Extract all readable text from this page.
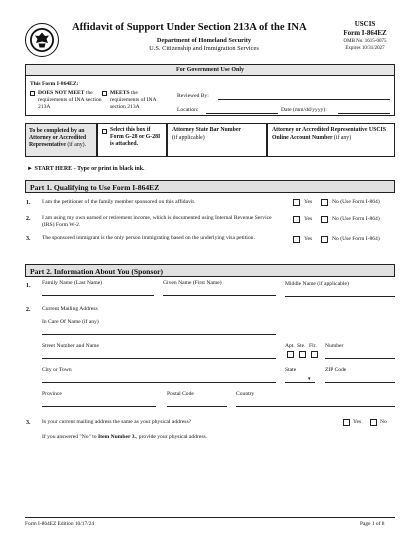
Affidavit of Support Under Section 213A of the INA
Department of Homeland Security
U.S. Citizenship and Immigration Services
USCIS
Form I-864EZ
OMB No. 1615-0075
Expires 10/31/2027
For Government Use Only
This Form I-864EZ:
DOES NOT MEET the requirements of INA section 213A
MEETS the requirements of INA section 213A
Reviewed By:
Location:	Date (mm/dd/yyyy):
To be completed by an Attorney or Accredited Representative (if any).
Select this box if Form G-28 or G-28I is attached.
Attorney State Bar Number
(if applicable)
Attorney or Accredited Representative USCIS Online Account Number (if any)
► START HERE - Type or print in black ink.
Part 1. Qualifying to Use Form I-864EZ
1. I am the petitioner of the family member sponsored on this affidavit.	Yes	No (Use Form I-864)
2. I am using my own earned or retirement income, which is documented using Internal Revenue Service (IRS) Form W-2.
Yes	No (Use Form I-864)
3. The sponsored immigrant is the only person immigrating based on the underlying visa petition.	Yes	No (Use Form I-864)
Part 2. Information About You (Sponsor)
1. Family Name (Last Name)	Given Name (First Name)	Middle Name (if applicable)
2. Current Mailing Address
In Care Of Name (if any)
Street Number and Name	Apt. Ste. Flr. Number
City or Town	State
▾
ZIP Code
Province	Postal Code	Country
3. Is your current mailing address the same as your physical address?	Yes	No
If you answered "No" to Item Number 3., provide your physical address.
Form I-864EZ Edition 10/17/24	Page 1 of 8
